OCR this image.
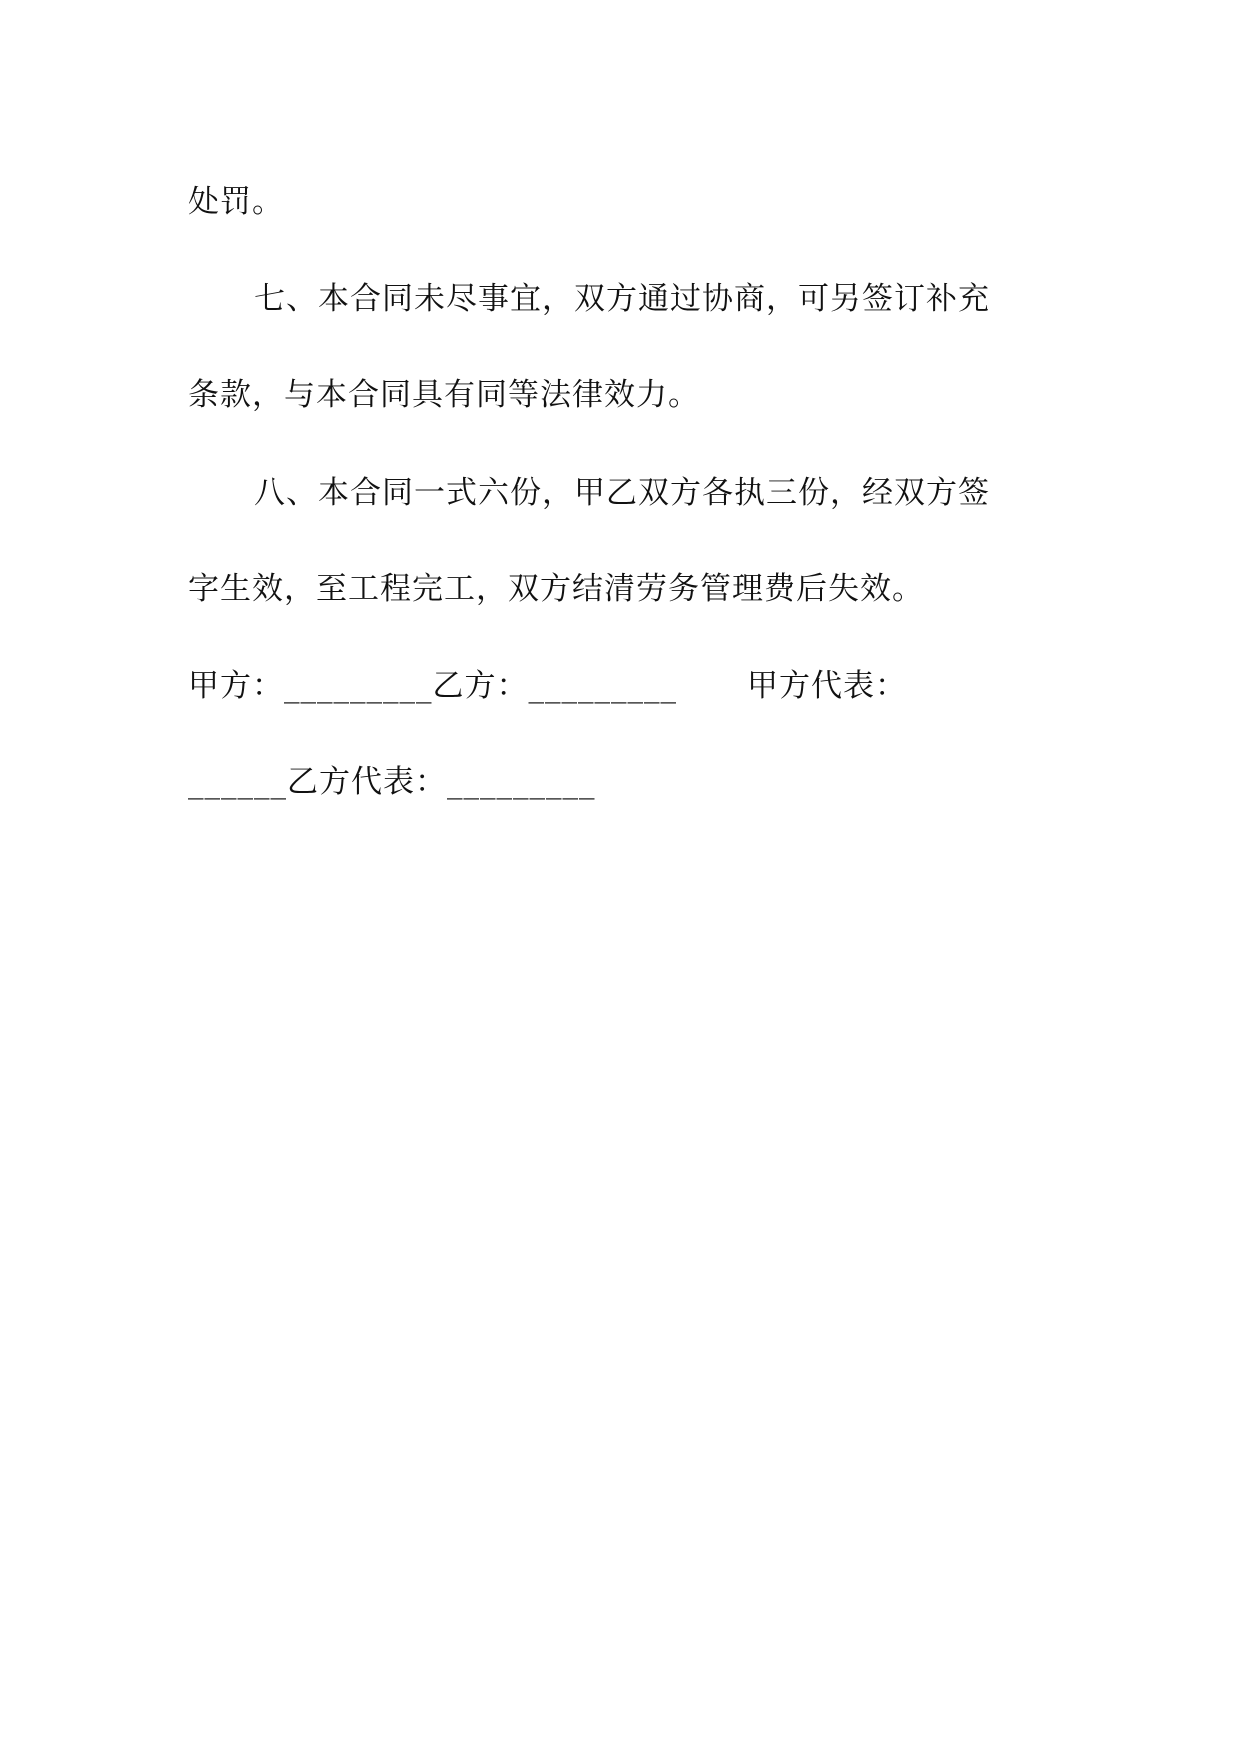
处罚。
七、本合同未尽事宜，双方通过协商，可另签订补充
条款，与本合同具有同等法律效力。
八、本合同一式六份，甲乙双方各执三份，经双方签
字生效，至工程完工，双方结清劳务管理费后失效。
甲方：_________乙方：_________ 甲方代表：
______乙方代表：_________
